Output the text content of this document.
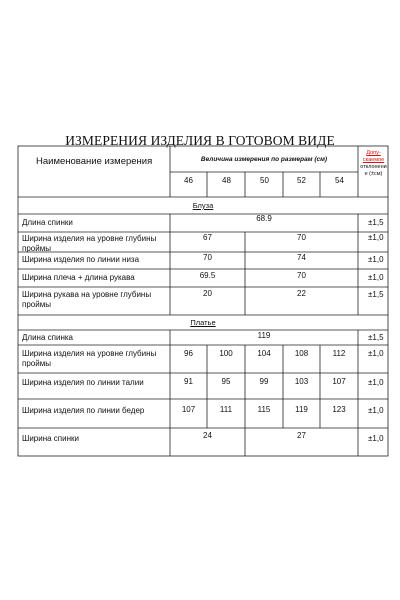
ИЗМЕРЕНИЯ ИЗДЕЛИЯ В ГОТОВОМ ВИДЕ
Наименование измерения	Величина измерения по размерам (см)
Допу-
скаемое
отклонени
е (±см)
46	48	50	52	54
Блуза
Длина спинки	68.9	±1,5
Ширина изделия на уровне глубины проймы
67	70	±1,0
Ширина изделия по линии низа	70	74	±1,0
Ширина плеча + длина рукава	69.5	70	±1,0
Ширина рукава на уровне глубины проймы
20	22	±1,5
Платье
Длина спинка	119	±1,5
Ширина изделия на уровне глубины проймы
96	100	104	108	112	±1,0
Ширина изделия по линии талии	91	95	99	103	107	±1,0
Ширина изделия по линии бедер	107	111	115	119	123	±1,0
Ширина спинки	24	27	±1,0
